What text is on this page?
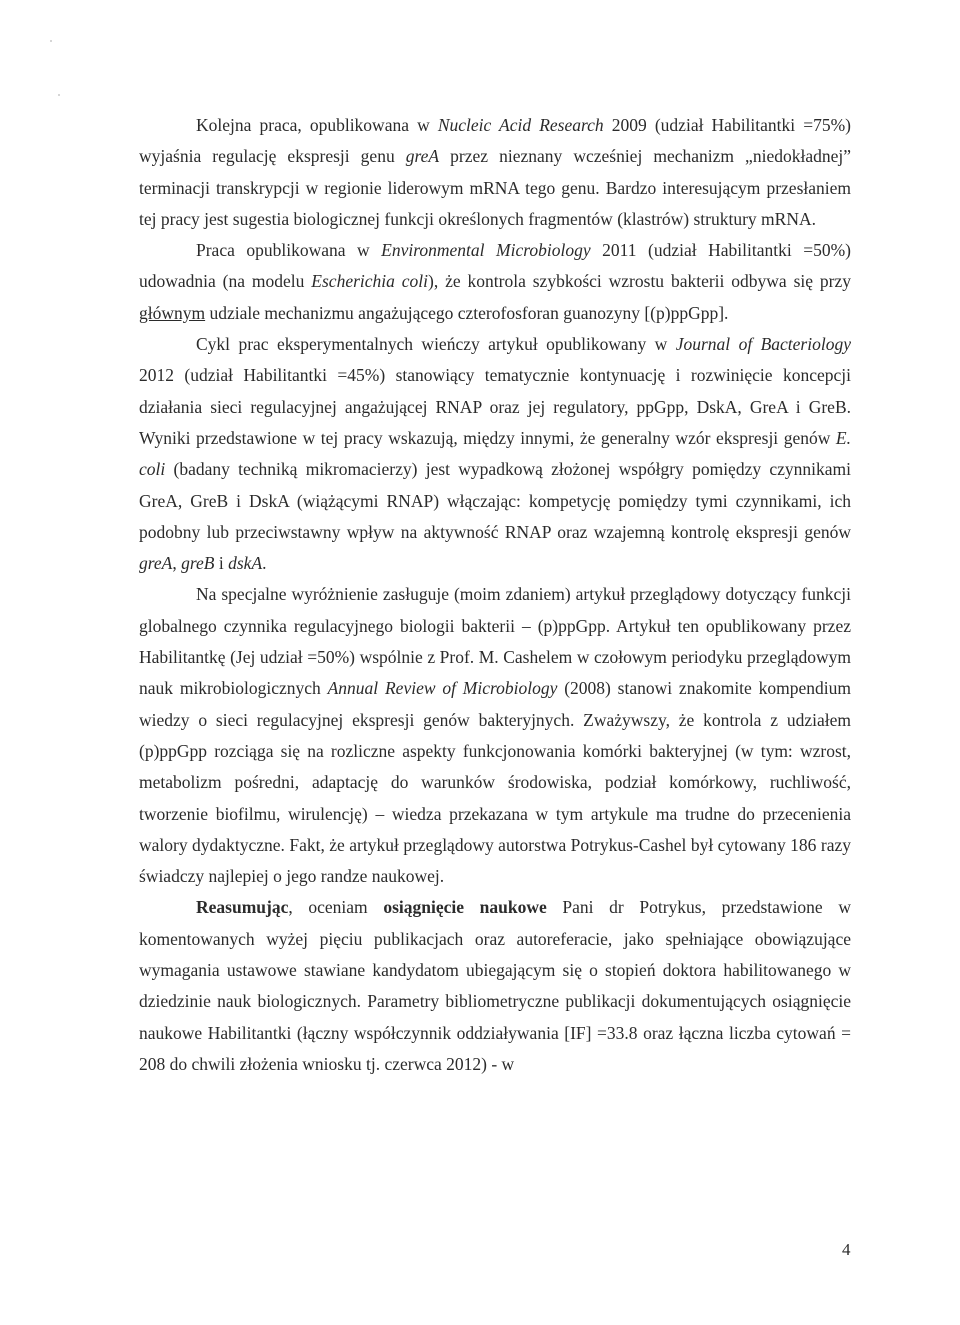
Kolejna praca, opublikowana w Nucleic Acid Research 2009 (udział Habilitantki =75%) wyjaśnia regulację ekspresji genu greA przez nieznany wcześniej mechanizm „niedokładnej” terminacji transkrypcji w regionie liderowym mRNA tego genu. Bardzo interesującym przesłaniem tej pracy jest sugestia biologicznej funkcji określonych fragmentów (klastrów) struktury mRNA.

Praca opublikowana w Environmental Microbiology 2011 (udział Habilitantki =50%) udowadnia (na modelu Escherichia coli), że kontrola szybkości wzrostu bakterii odbywa się przy głównym udziale mechanizmu angażującego czterofosforan guanozyny [(p)ppGpp].

Cykl prac eksperymentalnych wieńczy artykuł opublikowany w Journal of Bacteriology 2012 (udział Habilitantki =45%) stanowiący tematycznie kontynuację i rozwinięcie koncepcji działania sieci regulacyjnej angażującej RNAP oraz jej regulatory, ppGpp, DskA, GreA i GreB. Wyniki przedstawione w tej pracy wskazują, między innymi, że generalny wzór ekspresji genów E. coli (badany techniką mikromacierzy) jest wypadkową złożonej współgry pomiędzy czynnikami GreA, GreB i DskA (wiążącymi RNAP) włączając: kompetycję pomiędzy tymi czynnikami, ich podobny lub przeciwstawny wpływ na aktywność RNAP oraz wzajemną kontrolę ekspresji genów greA, greB i dskA.

Na specjalne wyróżnienie zasługuje (moim zdaniem) artykuł przeglądowy dotyczący funkcji globalnego czynnika regulacyjnego biologii bakterii – (p)ppGpp. Artykuł ten opublikowany przez Habilitantkę (Jej udział =50%) wspólnie z Prof. M. Cashelem w czołowym periodyku przeglądowym nauk mikrobiologicznych Annual Review of Microbiology (2008) stanowi znakomite kompendium wiedzy o sieci regulacyjnej ekspresji genów bakteryjnych. Zważywszy, że kontrola z udziałem (p)ppGpp rozciąga się na rozliczne aspekty funkcjonowania komórki bakteryjnej (w tym: wzrost, metabolizm pośredni, adaptację do warunków środowiska, podział komórkowy, ruchliwość, tworzenie biofilmu, wirulencję) – wiedza przekazana w tym artykule ma trudne do przecenienia walory dydaktyczne. Fakt, że artykuł przeglądowy autorstwa Potrykus-Cashel był cytowany 186 razy świadczy najlepiej o jego randze naukowej.

Reasumując, oceniam osiągnięcie naukowe Pani dr Potrykus, przedstawione w komentowanych wyżej pięciu publikacjach oraz autoreferacie, jako spełniające obowiązujące wymagania ustawowe stawiane kandydatom ubiegającym się o stopień doktora habilitowanego w dziedzinie nauk biologicznych. Parametry bibliometryczne publikacji dokumentujących osiągnięcie naukowe Habilitantki (łączny współczynnik oddziaływania [IF] =33.8 oraz łączna liczba cytowań = 208 do chwili złożenia wniosku tj. czerwca 2012) - w

4
